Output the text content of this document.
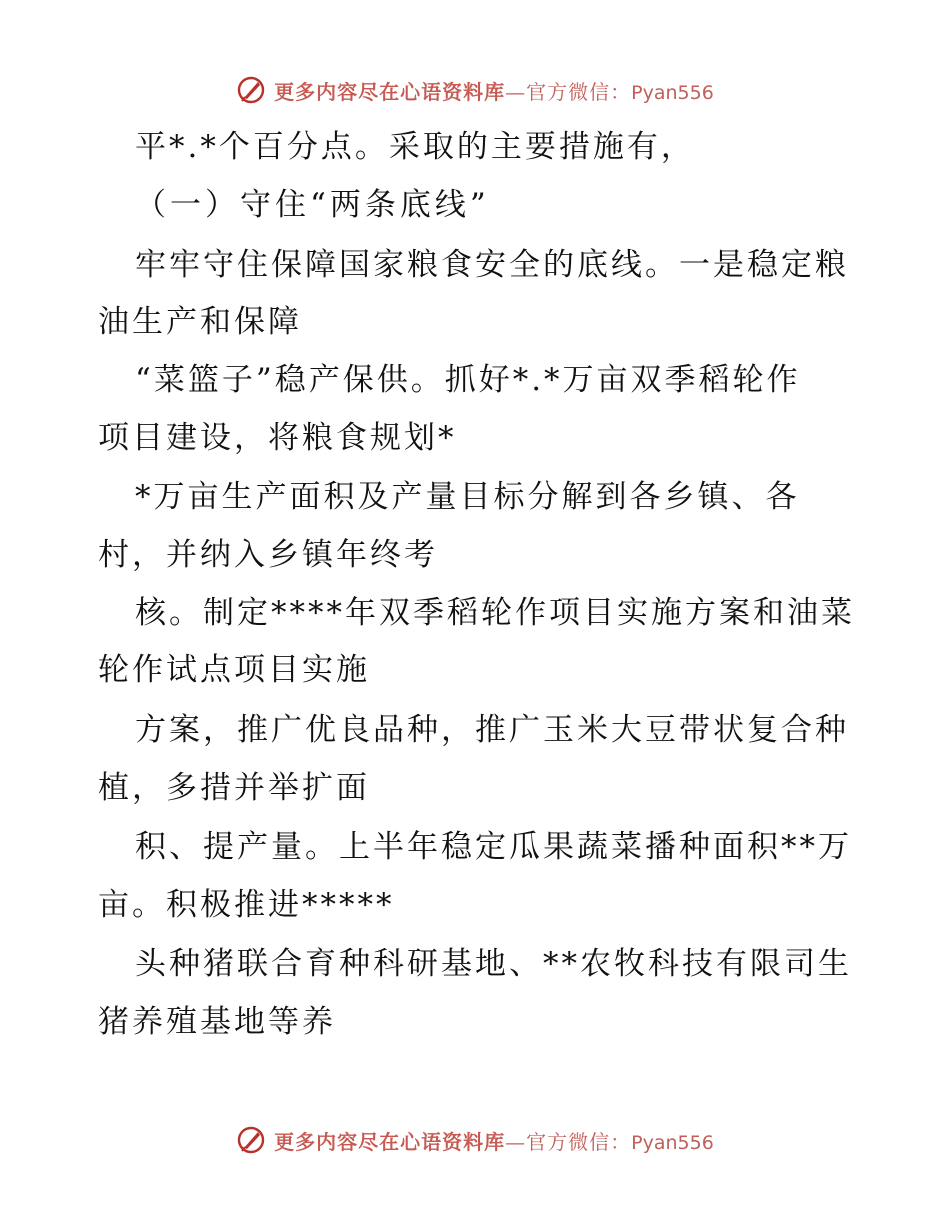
更多内容尽在心语资料库—官方微信：Pyan556
平*.*个百分点。采取的主要措施有，
（一）守住“两条底线”
牢牢守住保障国家粮食安全的底线。一是稳定粮
油生产和保障
“菜篮子”稳产保供。抓好*.*万亩双季稻轮作
项目建设，将粮食规划*
*万亩生产面积及产量目标分解到各乡镇、各
村，并纳入乡镇年终考
核。制定****年双季稻轮作项目实施方案和油菜
轮作试点项目实施
方案，推广优良品种，推广玉米大豆带状复合种
植，多措并举扩面
积、提产量。上半年稳定瓜果蔬菜播种面积**万
亩。积极推进*****
头种猪联合育种科研基地、**农牧科技有限司生
猪养殖基地等养
更多内容尽在心语资料库—官方微信：Pyan556
